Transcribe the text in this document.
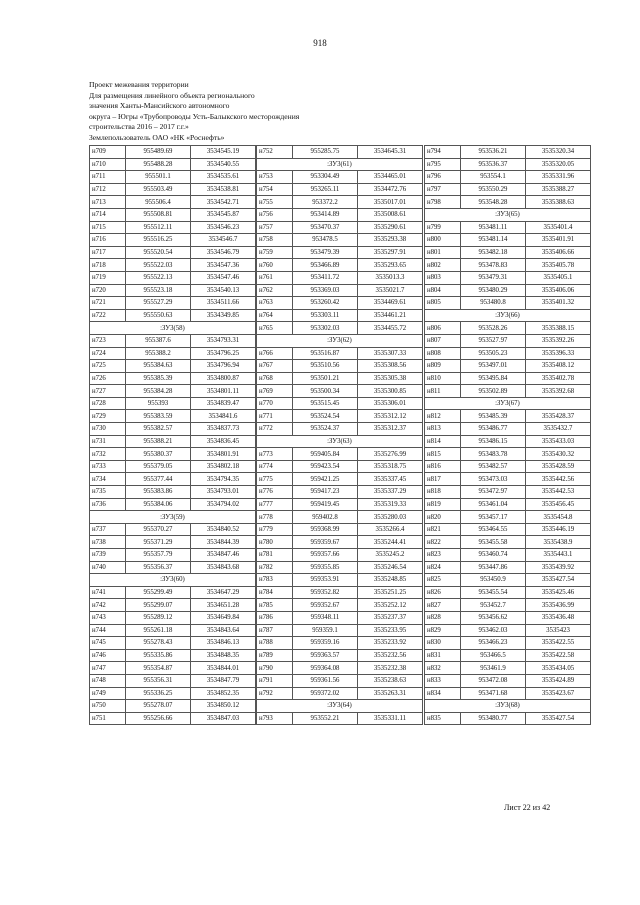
918
Проект межевания территории
Для размещения линейного объекта регионального
значения Ханты-Мансийского автономного
округа – Югры «Трубопроводы Усть-Балыкского месторождения
строительства 2016 – 2017 г.г.»
Землепользователь ОАО «НК «Роснефть»
н709	955489.69	3534545.19
н710	955488.28	3534540.55
н711	955501.1	3534535.61
н712	955503.49	3534538.81
н713	955506.4	3534542.71
н714	955508.81	3534545.87
н715	955512.11	3534546.23
н716	955516.25	3534546.7
н717	955520.54	3534546.79
н718	955522.03	3534547.36
н719	955522.13	3534547.46
н720	955523.18	3534540.13
н721	955527.29	3534511.66
н722	955550.63	3534349.85
:ЗУ3(58)		
н723	955387.6	3534793.31
н724	955388.2	3534796.25
н725	955384.63	3534796.94
н726	955385.39	3534800.87
н727	955384.28	3534801.11
н728	955393	3534839.47
н729	955383.59	3534841.6
н730	955382.57	3534837.73
н731	955388.21	3534836.45
н732	955380.37	3534801.91
н733	955379.05	3534802.18
н734	955377.44	3534794.35
н735	955383.86	3534793.01
н736	955384.06	3534794.02
:ЗУ3(59)		
н737	955370.27	3534840.52
н738	955371.29	3534844.39
н739	955357.79	3534847.46
н740	955356.37	3534843.68
:ЗУ3(60)		
н741	955299.49	3534647.29
н742	955299.07	3534651.28
н743	955289.12	3534649.84
н744	955261.18	3534843.64
н745	955278.43	3534846.13
н746	955335.86	3534848.35
н747	955354.87	3534844.01
н748	955356.31	3534847.79
н749	955336.25	3534852.35
н750	955278.07	3534850.12
н751	955256.66	3534847.03
н752	955285.75	3534645.31
:ЗУ3(61)		
н753	953304.49	3534465.01
н754	953265.11	3534472.76
н755	953372.2	3535017.01
н756	953414.89	3535008.61
н757	953470.37	3535290.61
н758	953478.5	3535293.38
н759	953479.39	3535297.91
н760	953466.89	3535293.65
н761	953411.72	3535013.3
н762	953369.03	3535021.7
н763	953260.42	3534469.61
н764	953303.11	3534461.21
н765	953302.03	3534455.72
:ЗУ3(62)		
н766	953516.87	3535307.33
н767	953510.56	3535308.56
н768	953501.21	3535305.38
н769	953500.34	3535300.85
н770	953515.45	3535306.01
н771	953524.54	3535312.12
н772	953524.37	3535312.37
:ЗУ3(63)		
н773	959405.84	3535276.99
н774	959423.54	3535318.75
н775	959421.25	3535337.45
н776	959417.23	3535337.29
н777	959419.45	3535319.33
н778	959402.8	3535280.03
н779	959368.99	3535266.4
н780	959359.67	3535244.41
н781	959357.66	3535245.2
н782	959355.85	3535246.54
н783	959353.91	3535248.85
н784	959352.82	3535251.25
н785	959352.67	3535252.12
н786	959348.11	3535237.37
н787	959359.1	3535233.95
н788	959359.16	3535233.92
н789	959363.57	3535232.56
н790	959364.08	3535232.38
н791	959361.56	3535238.63
н792	959372.02	3535263.31
:ЗУ3(64)		
н793	953552.21	3535331.11
н794	953536.21	3535320.34
н795	953536.37	3535320.05
н796	953554.1	3535331.96
н797	953550.29	3535388.27
н798	953548.28	3535388.63
:ЗУ3(65)		
н799	953481.11	3535401.4
н800	953481.14	3535401.91
н801	953482.18	3535406.66
н802	953478.83	3535405.78
н803	953479.31	3535405.1
н804	953480.29	3535406.06
н805	953480.8	3535401.32
:ЗУ3(66)		
н806	953528.26	3535388.15
н807	953527.97	3535392.26
н808	953505.23	3535396.33
н809	953497.01	3535408.12
н810	953495.84	3535402.78
н811	953502.89	3535392.68
:ЗУ3(67)		
н812	953485.39	3535428.37
н813	953486.77	3535432.7
н814	953486.15	3535433.03
н815	953483.78	3535430.32
н816	953482.57	3535428.59
н817	953473.03	3535442.56
н818	953472.97	3535442.53
н819	953461.04	3535456.45
н820	953457.17	3535454.8
н821	953464.55	3535446.19
н822	953455.58	3535438.9
н823	953460.74	3535443.1
н824	953447.86	3535439.92
н825	953450.9	3535427.54
н826	953455.54	3535425.46
н827	953452.7	3535436.99
н828	953456.62	3535436.48
н829	953462.03	3535423
н830	953466.23	3535422.55
н831	953466.5	3535422.58
н832	953461.9	3535434.05
н833	953472.08	3535424.89
н834	953471.68	3535423.67
:ЗУ3(68)		
н835	953480.77	3535427.54
Лист 22 из 42
